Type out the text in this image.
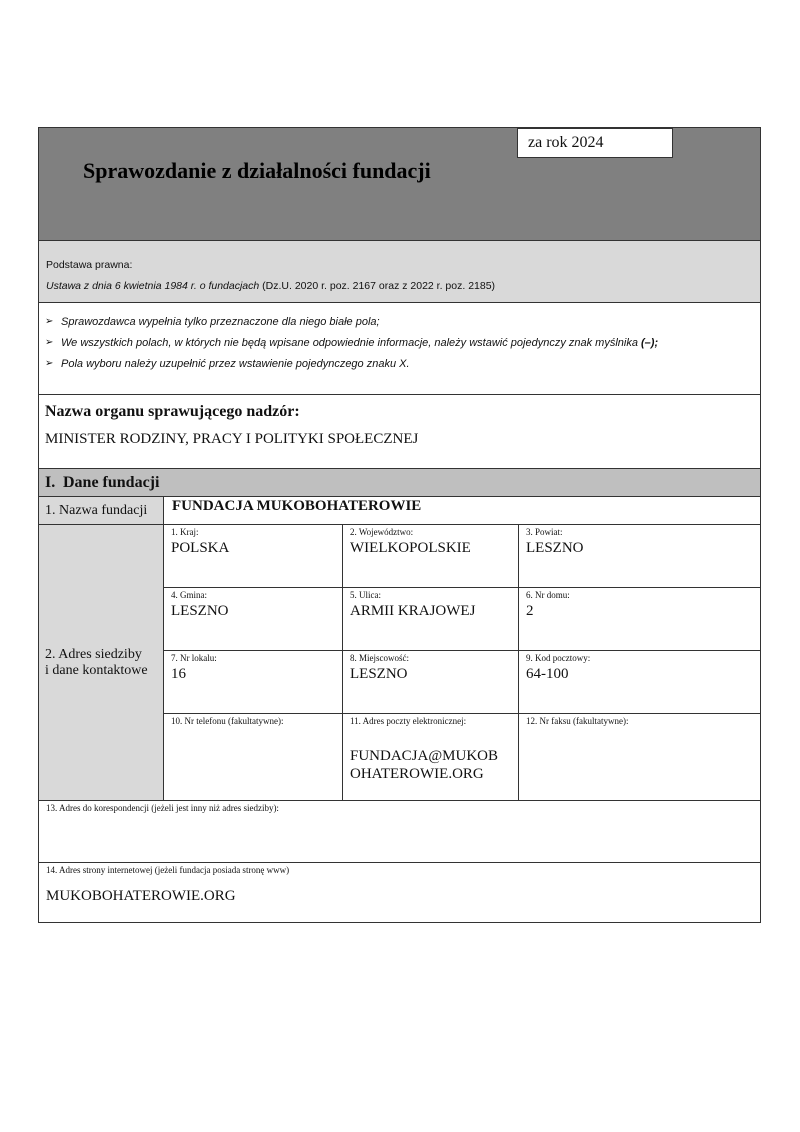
Sprawozdanie z działalności fundacji
za rok 2024
Podstawa prawna:
Ustawa z dnia 6 kwietnia 1984 r. o fundacjach (Dz.U. 2020 r. poz. 2167 oraz z 2022 r. poz. 2185)
➢ Sprawozdawca wypełnia tylko przeznaczone dla niego białe pola;
➢ We wszystkich polach, w których nie będą wpisane odpowiednie informacje, należy wstawić pojedynczy znak myślnika
(–);
➢ Pola wyboru należy uzupełnić przez wstawienie pojedynczego znaku X.
Nazwa organu sprawującego nadzór:
MINISTER RODZINY, PRACY I POLITYKI SPOŁECZNEJ
I. Dane fundacji
1. Nazwa fundacji	FUNDACJA MUKOBOHATEROWIE
2. Adres siedziby
i dane kontaktowe
1. Kraj:
POLSKA
2. Województwo:
WIELKOPOLSKIE
3. Powiat:
LESZNO
4. Gmina:
LESZNO
5. Ulica:
ARMII KRAJOWEJ
6. Nr domu:
2
7. Nr lokalu:
16
8. Miejscowość:
LESZNO
9. Kod pocztowy:
64-100
10. Nr telefonu (fakultatywne):	11. Adres poczty elektronicznej:
FUNDACJA@MUKOB
OHATEROWIE.ORG
12. Nr faksu (fakultatywne):
13. Adres do korespondencji (jeżeli jest inny niż adres siedziby):
14. Adres strony internetowej (jeżeli fundacja posiada stronę www)
MUKOBOHATEROWIE.ORG
